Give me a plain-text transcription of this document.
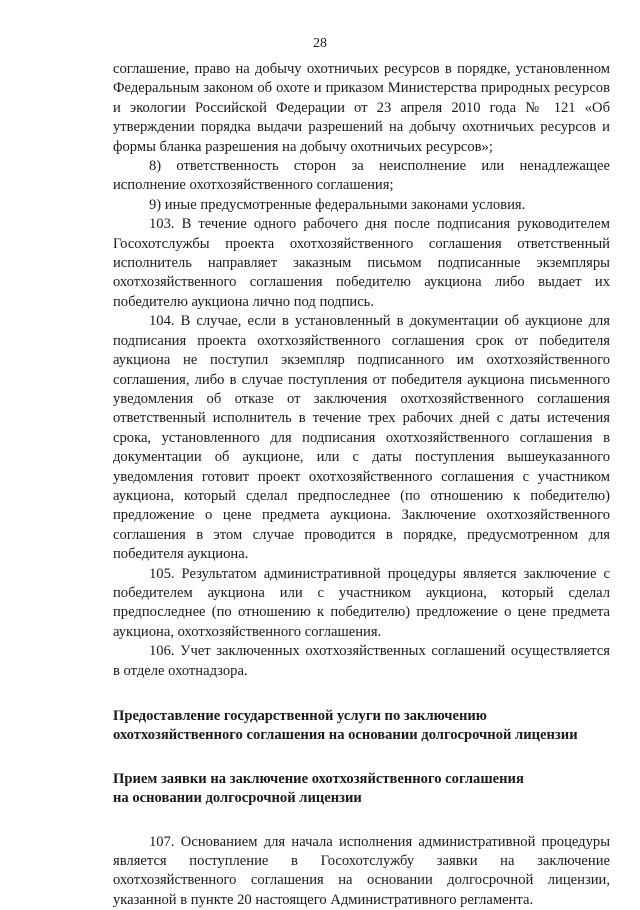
28

соглашение, право на добычу охотничьих ресурсов в порядке, установленном Федеральным законом об охоте и приказом Министерства природных ресурсов и экологии Российской Федерации от 23 апреля 2010 года № 121 «Об утверждении порядка выдачи разрешений на добычу охотничьих ресурсов и формы бланка разрешения на добычу охотничьих ресурсов»;

8) ответственность сторон за неисполнение или ненадлежащее исполнение охотхозяйственного соглашения;

9) иные предусмотренные федеральными законами условия.

103. В течение одного рабочего дня после подписания руководителем Госохотслужбы проекта охотхозяйственного соглашения ответственный исполнитель направляет заказным письмом подписанные экземпляры охотхозяйственного соглашения победителю аукциона либо выдает их победителю аукциона лично под подпись.

104. В случае, если в установленный в документации об аукционе для подписания проекта охотхозяйственного соглашения срок от победителя аукциона не поступил экземпляр подписанного им охотхозяйственного соглашения, либо в случае поступления от победителя аукциона письменного уведомления об отказе от заключения охотхозяйственного соглашения ответственный исполнитель в течение трех рабочих дней с даты истечения срока, установленного для подписания охотхозяйственного соглашения в документации об аукционе, или с даты поступления вышеуказанного уведомления готовит проект охотхозяйственного соглашения с участником аукциона, который сделал предпоследнее (по отношению к победителю) предложение о цене предмета аукциона. Заключение охотхозяйственного соглашения в этом случае проводится в порядке, предусмотренном для победителя аукциона.

105. Результатом административной процедуры является заключение с победителем аукциона или с участником аукциона, который сделал предпоследнее (по отношению к победителю) предложение о цене предмета аукциона, охотхозяйственного соглашения.

106. Учет заключенных охотхозяйственных соглашений осуществляется в отделе охотнадзора.

Предоставление государственной услуги по заключению

охотхозяйственного соглашения на основании долгосрочной лицензии

Прием заявки на заключение охотхозяйственного соглашения

на основании долгосрочной лицензии

107. Основанием для начала исполнения административной процедуры является поступление в Госохотслужбу заявки на заключение охотхозяйственного соглашения на основании долгосрочной лицензии, указанной в пункте 20 настоящего Административного регламента.
